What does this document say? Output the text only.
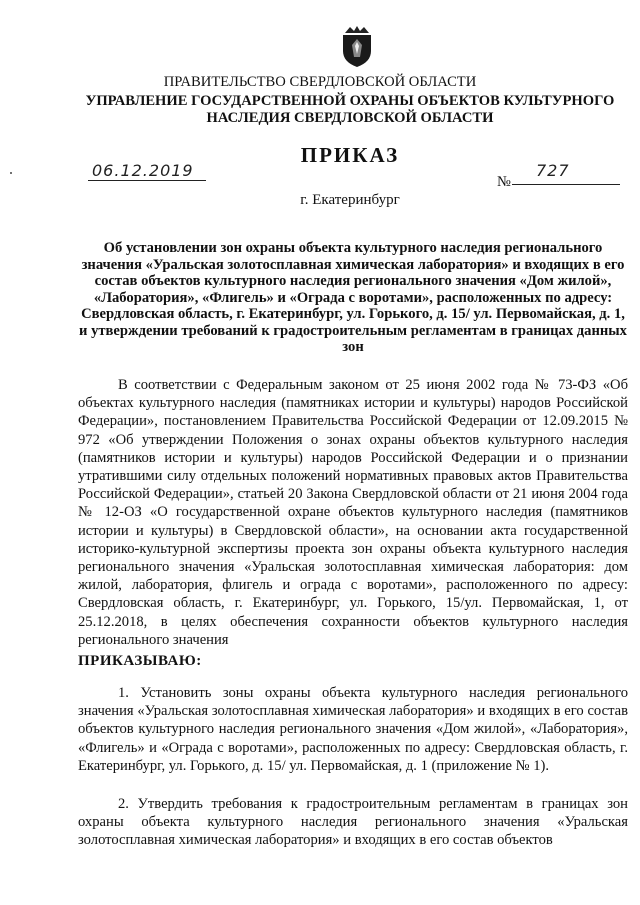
ПРАВИТЕЛЬСТВО СВЕРДЛОВСКОЙ ОБЛАСТИ
УПРАВЛЕНИЕ ГОСУДАРСТВЕННОЙ ОХРАНЫ ОБЪЕКТОВ КУЛЬТУРНОГО НАСЛЕДИЯ СВЕРДЛОВСКОЙ ОБЛАСТИ
ПРИКАЗ
06.12.2019
№
727
г. Екатеринбург
Об установлении зон охраны объекта культурного наследия регионального значения «Уральская золотосплавная химическая лаборатория» и входящих в его состав объектов культурного наследия регионального значения «Дом жилой», «Лаборатория», «Флигель» и «Ограда с воротами», расположенных по адресу: Свердловская область, г. Екатеринбург, ул. Горького, д. 15/ ул. Первомайская, д. 1, и утверждении требований к градостроительным регламентам в границах данных зон
В соответствии с Федеральным законом от 25 июня 2002 года № 73-ФЗ «Об объектах культурного наследия (памятниках истории и культуры) народов Российской Федерации», постановлением Правительства Российской Федерации от 12.09.2015 № 972 «Об утверждении Положения о зонах охраны объектов культурного наследия (памятников истории и культуры) народов Российской Федерации и о признании утратившими силу отдельных положений нормативных правовых актов Правительства Российской Федерации», статьей 20 Закона Свердловской области от 21 июня 2004 года № 12-ОЗ «О государственной охране объектов культурного наследия (памятников истории и культуры) в Свердловской области», на основании акта государственной историко-культурной экспертизы проекта зон охраны объекта культурного наследия регионального значения «Уральская золотосплавная химическая лаборатория: дом жилой, лаборатория, флигель и ограда с воротами», расположенного по адресу: Свердловская область, г. Екатеринбург, ул. Горького, 15/ул. Первомайская, 1, от 25.12.2018, в целях обеспечения сохранности объектов культурного наследия регионального значения
ПРИКАЗЫВАЮ:
1. Установить зоны охраны объекта культурного наследия регионального значения «Уральская золотосплавная химическая лаборатория» и входящих в его состав объектов культурного наследия регионального значения «Дом жилой», «Лаборатория», «Флигель» и «Ограда с воротами», расположенных по адресу: Свердловская область, г. Екатеринбург, ул. Горького, д. 15/ ул. Первомайская, д. 1 (приложение № 1).
2. Утвердить требования к градостроительным регламентам в границах зон охраны объекта культурного наследия регионального значения «Уральская золотосплавная химическая лаборатория» и входящих в его состав объектов
